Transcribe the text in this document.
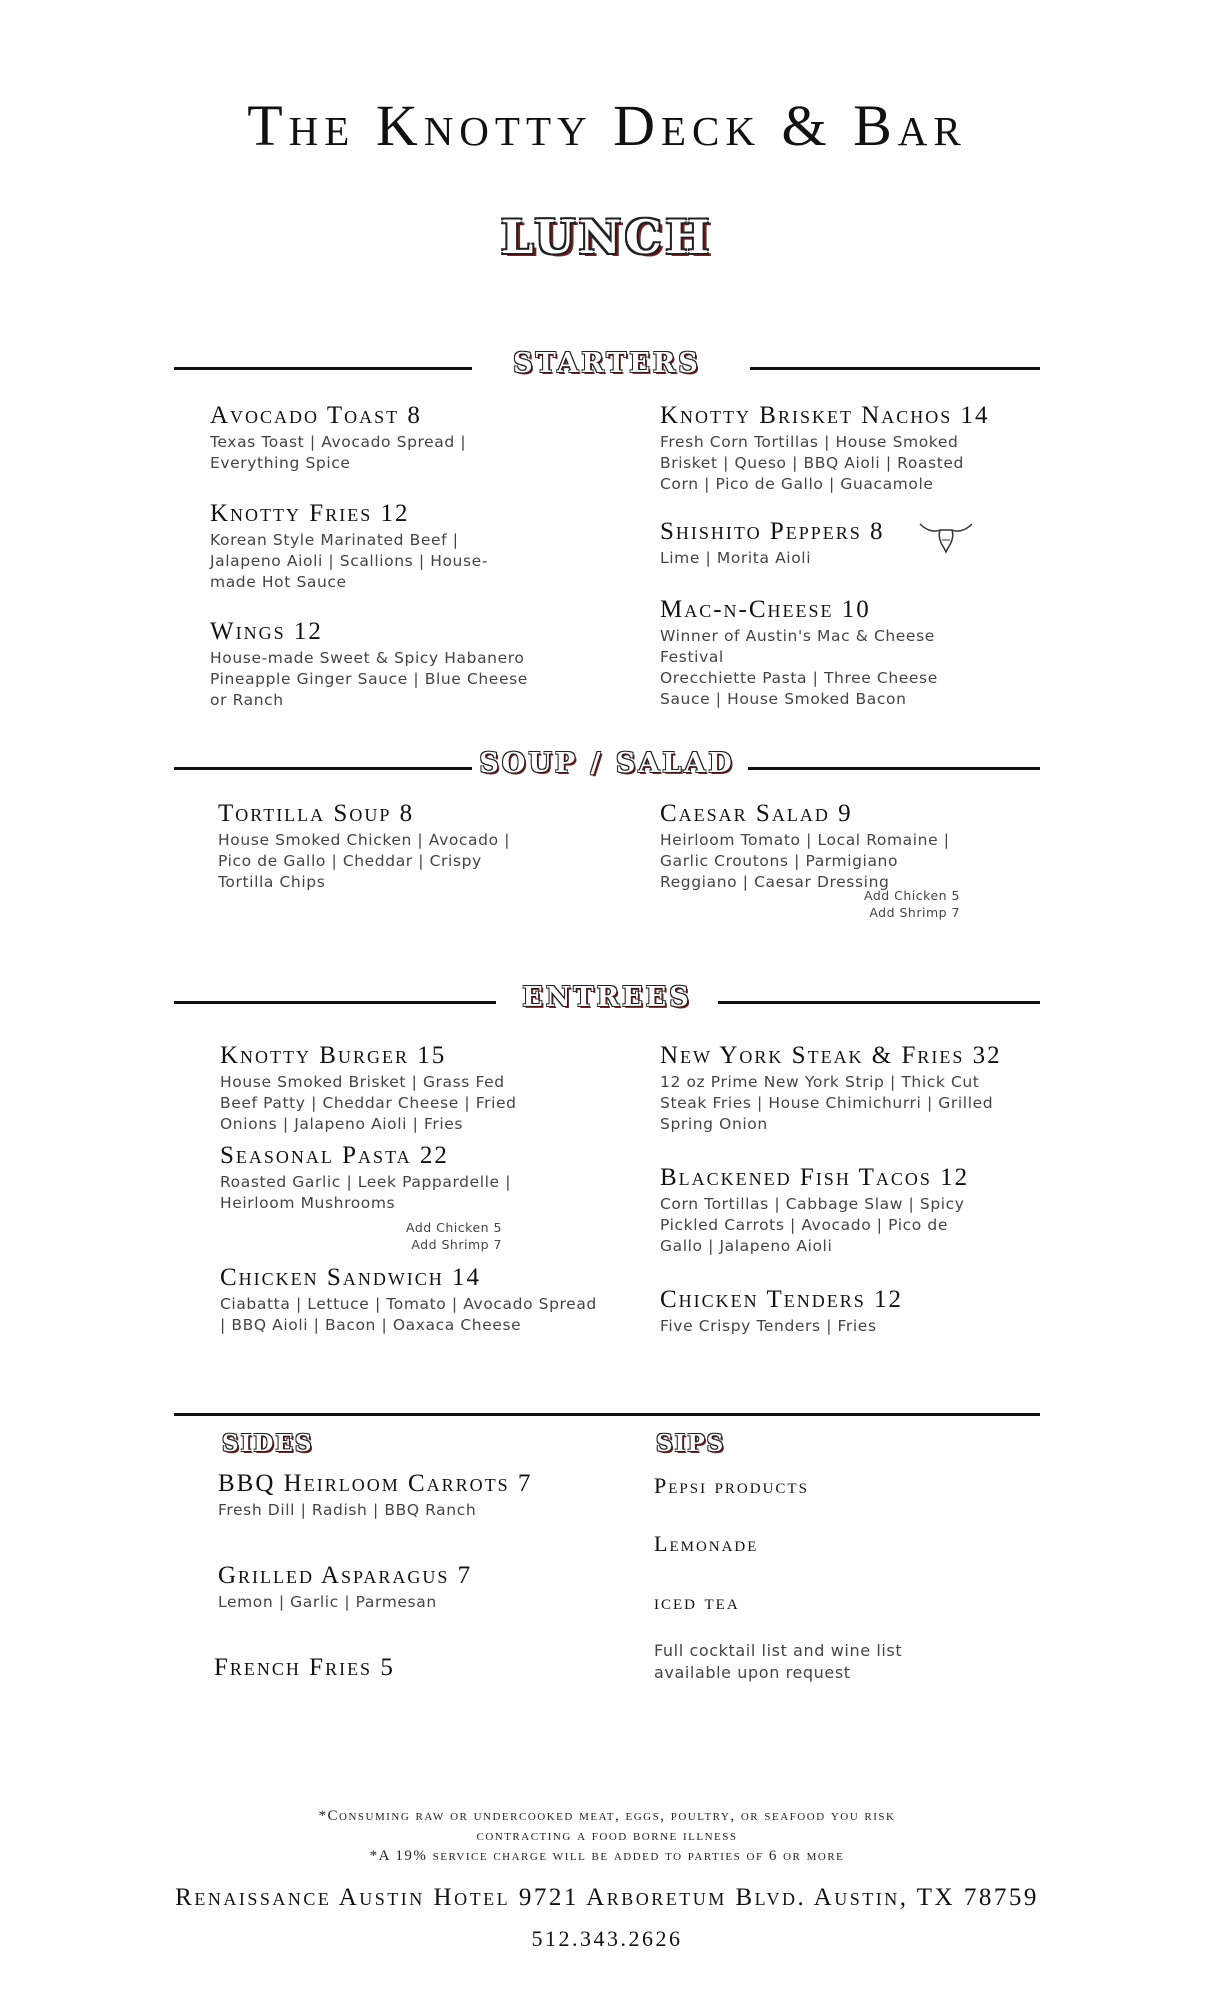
The Knotty Deck & Bar
LUNCH
STARTERS
Avocado Toast 8
Texas Toast | Avocado Spread | Everything Spice
Knotty Fries 12
Korean Style Marinated Beef | Jalapeno Aioli | Scallions | House-made Hot Sauce
Wings 12
House-made Sweet & Spicy Habanero Pineapple Ginger Sauce | Blue Cheese or Ranch
Knotty Brisket Nachos 14
Fresh Corn Tortillas | House Smoked Brisket | Queso | BBQ Aioli | Roasted Corn | Pico de Gallo | Guacamole
Shishito Peppers 8
Lime | Morita Aioli
Mac-n-Cheese 10
Winner of Austin's Mac & Cheese Festival
Orecchiette Pasta | Three Cheese Sauce | House Smoked Bacon
SOUP / SALAD
Tortilla Soup 8
House Smoked Chicken | Avocado | Pico de Gallo | Cheddar | Crispy Tortilla Chips
Caesar Salad 9
Heirloom Tomato | Local Romaine | Garlic Croutons | Parmigiano Reggiano | Caesar Dressing
Add Chicken 5
Add Shrimp 7
ENTREES
Knotty Burger 15
House Smoked Brisket | Grass Fed Beef Patty | Cheddar Cheese | Fried Onions | Jalapeno Aioli | Fries
Seasonal Pasta 22
Roasted Garlic | Leek Pappardelle | Heirloom Mushrooms
Add Chicken 5
Add Shrimp 7
Chicken Sandwich 14
Ciabatta | Lettuce | Tomato | Avocado Spread | BBQ Aioli | Bacon | Oaxaca Cheese
New York Steak & Fries 32
12 oz Prime New York Strip | Thick Cut Steak Fries | House Chimichurri | Grilled Spring Onion
Blackened Fish Tacos 12
Corn Tortillas | Cabbage Slaw | Spicy Pickled Carrots | Avocado | Pico de Gallo | Jalapeno Aioli
Chicken Tenders 12
Five Crispy Tenders | Fries
SIDES
BBQ Heirloom Carrots 7
Fresh Dill | Radish | BBQ Ranch
Grilled Asparagus 7
Lemon | Garlic | Parmesan
French Fries 5
SIPS
Pepsi products
Lemonade
iced tea
Full cocktail list and wine list available upon request
*Consuming raw or undercooked meat, eggs, poultry, or seafood you risk
contracting a food borne illness
*A 19% service charge will be added to parties of 6 or more
Renaissance Austin Hotel 9721 Arboretum Blvd. Austin, TX 78759
512.343.2626
